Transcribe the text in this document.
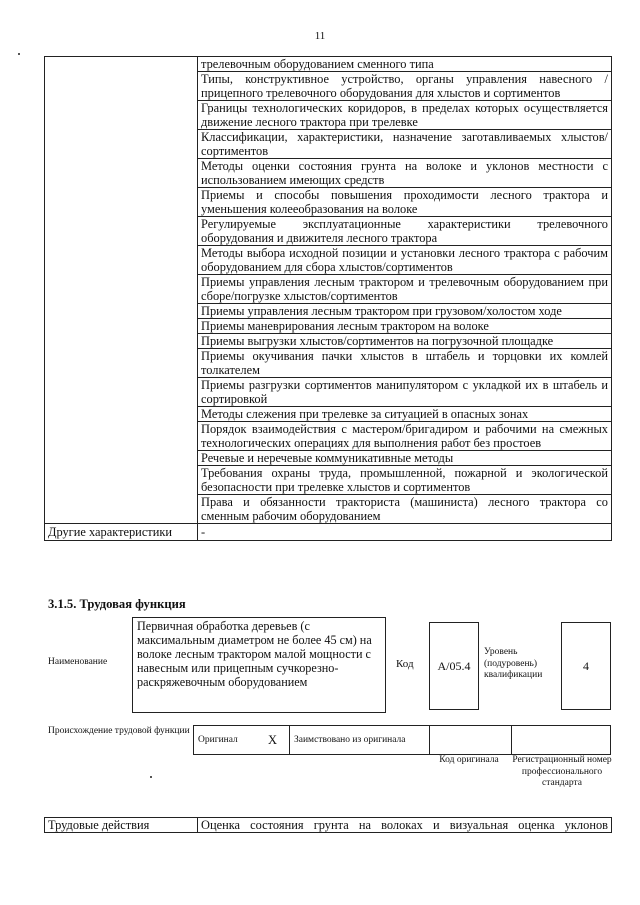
11
	трелевочным оборудованием сменного типа
	Типы, конструктивное устройство, органы управления навесного /прицепного трелевочного оборудования для хлыстов и сортиментов
	Границы технологических коридоров, в пределах которых осуществляется движение лесного трактора при трелевке
	Классификации, характеристики, назначение заготавливаемых хлыстов/сортиментов
	Методы оценки состояния грунта на волоке и уклонов местности с использованием имеющих средств
	Приемы и способы повышения проходимости лесного трактора и уменьшения колееобразования на волоке
	Регулируемые эксплуатационные характеристики трелевочного оборудования и движителя лесного трактора
	Методы выбора исходной позиции и установки лесного трактора с рабочим оборудованием для сбора хлыстов/сортиментов
	Приемы управления лесным трактором и трелевочным оборудованием при сборе/погрузке хлыстов/сортиментов
	Приемы управления лесным трактором при грузовом/холостом ходе
	Приемы маневрирования лесным трактором на волоке
	Приемы выгрузки хлыстов/сортиментов на погрузочной площадке
	Приемы окучивания пачки хлыстов в штабель и торцовки их комлей толкателем
	Приемы разгрузки сортиментов манипулятором с укладкой их в штабель и сортировкой
	Методы слежения при трелевке за ситуацией в опасных зонах
	Порядок взаимодействия с мастером/бригадиром и рабочими на смежных технологических операциях для выполнения работ без простоев
	Речевые и неречевые коммуникативные методы
	Требования охраны труда, промышленной, пожарной и экологической безопасности при трелевке хлыстов и сортиментов
	Права и обязанности тракториста (машиниста) лесного трактора со сменным рабочим оборудованием
Другие характеристики	-
3.1.5. Трудовая функция
Наименование
Первичная обработка деревьев (с максимальным диаметром не более 45 см) на волоке лесным трактором малой мощности с навесным или прицепным сучкорезно-раскряжевочным оборудованием
Код A/05.4
Уровень (подуровень) квалификации
4
Происхождение трудовой функции
Оригинал	X	Заимствовано из оригинала		
Код оригинала	Регистрационный номер профессионального стандарта
Трудовые действия	Оценка состояния грунта на волоках и визуальная оценка уклонов
